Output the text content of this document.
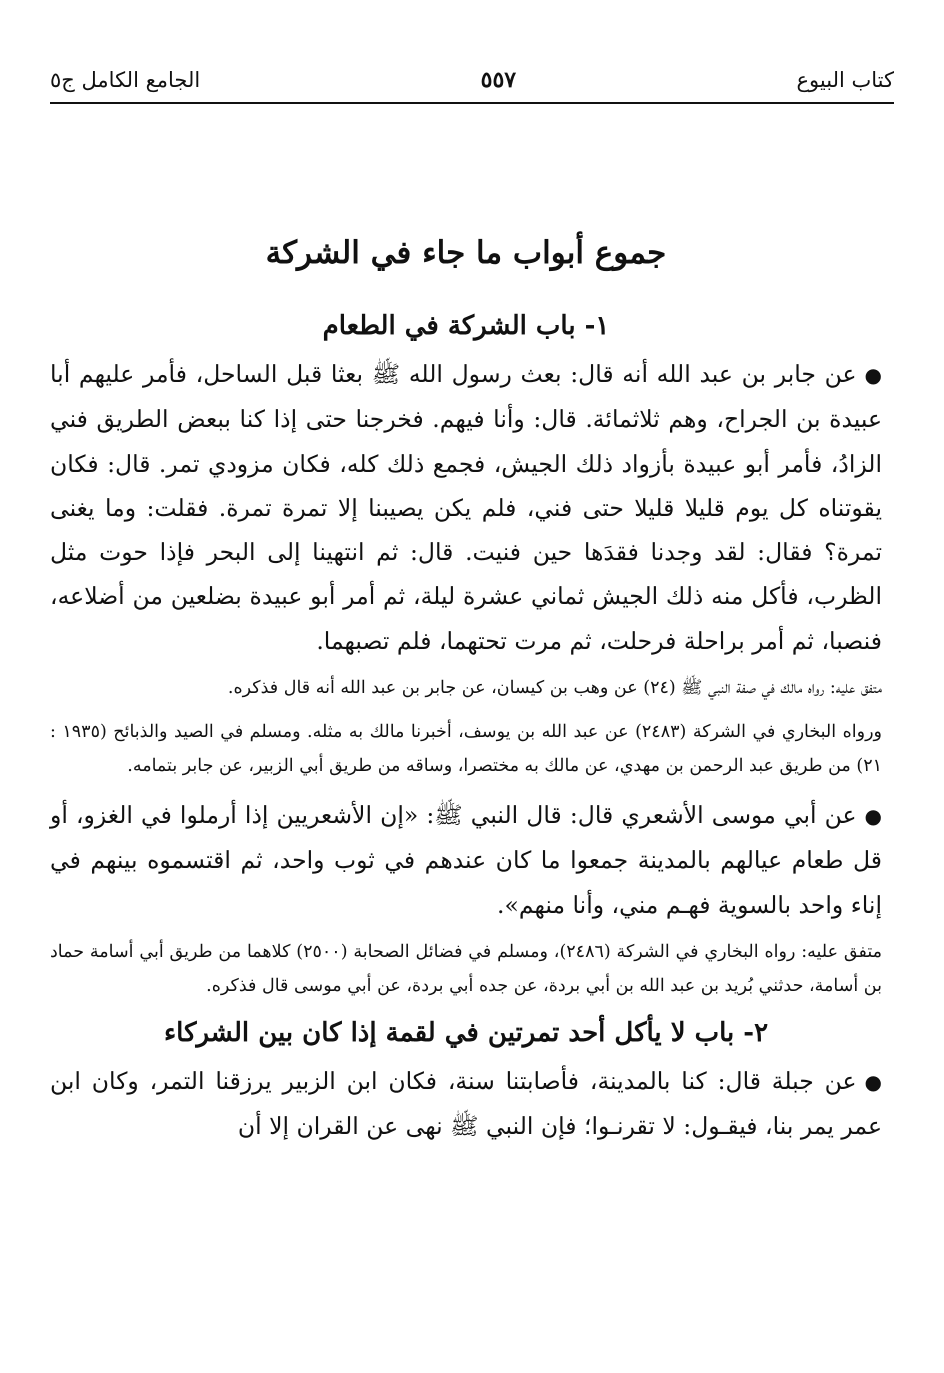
كتاب البيوع
٥٥٧
الجامع الكامل ج٥
جموع أبواب ما جاء في الشركة
١- باب الشركة في الطعام

●عن جابر بن عبد الله أنه قال: بعث رسول الله ﷺ بعثا قبل الساحل، فأمر عليهم أبا عبيدة بن الجراح، وهم ثلاثمائة. قال: وأنا فيهم. فخرجنا حتى إذا كنا ببعض الطريق فني الزادُ، فأمر أبو عبيدة بأزواد ذلك الجيش، فجمع ذلك كله، فكان مزودي تمر. قال: فكان يقوتناه كل يوم قليلا قليلا حتى فني، فلم يكن يصيبنا إلا تمرة تمرة. فقلت: وما يغنى تمرة؟ فقال: لقد وجدنا فقدَها حين فنيت. قال: ثم انتهينا إلى البحر فإذا حوت مثل الظرب، فأكل منه ذلك الجيش ثماني عشرة ليلة، ثم أمر أبو عبيدة بضلعين من أضلاعه، فنصبا، ثم أمر براحلة فرحلت، ثم مرت تحتهما، فلم تصبهما.

متفق عليه: رواه مالك في صفة النبي ﷺ (٢٤) عن وهب بن كيسان، عن جابر بن عبد الله أنه قال فذكره.

ورواه البخاري في الشركة (٢٤٨٣) عن عبد الله بن يوسف، أخبرنا مالك به مثله. ومسلم في الصيد والذبائح (١٩٣٥ : ٢١) من طريق عبد الرحمن بن مهدي، عن مالك به مختصرا، وساقه من طريق أبي الزبير، عن جابر بتمامه.

●عن أبي موسى الأشعري قال: قال النبي ﷺ: «إن الأشعريين إذا أرملوا في الغزو، أو قل طعام عيالهم بالمدينة جمعوا ما كان عندهم في ثوب واحد، ثم اقتسموه بينهم في إناء واحد بالسوية فهـم مني، وأنا منهم».

متفق عليه: رواه البخاري في الشركة (٢٤٨٦)، ومسلم في فضائل الصحابة (٢٥٠٠) كلاهما من طريق أبي أسامة حماد بن أسامة، حدثني بُريد بن عبد الله بن أبي بردة، عن جده أبي بردة، عن أبي موسى قال فذكره.

٢- باب لا يأكل أحد تمرتين في لقمة إذا كان بين الشركاء

●عن جبلة قال: كنا بالمدينة، فأصابتنا سنة، فكان ابن الزبير يرزقنا التمر، وكان ابن عمر يمر بنا، فيقـول: لا تقرنـوا؛ فإن النبي ﷺ نهى عن القران إلا أن
